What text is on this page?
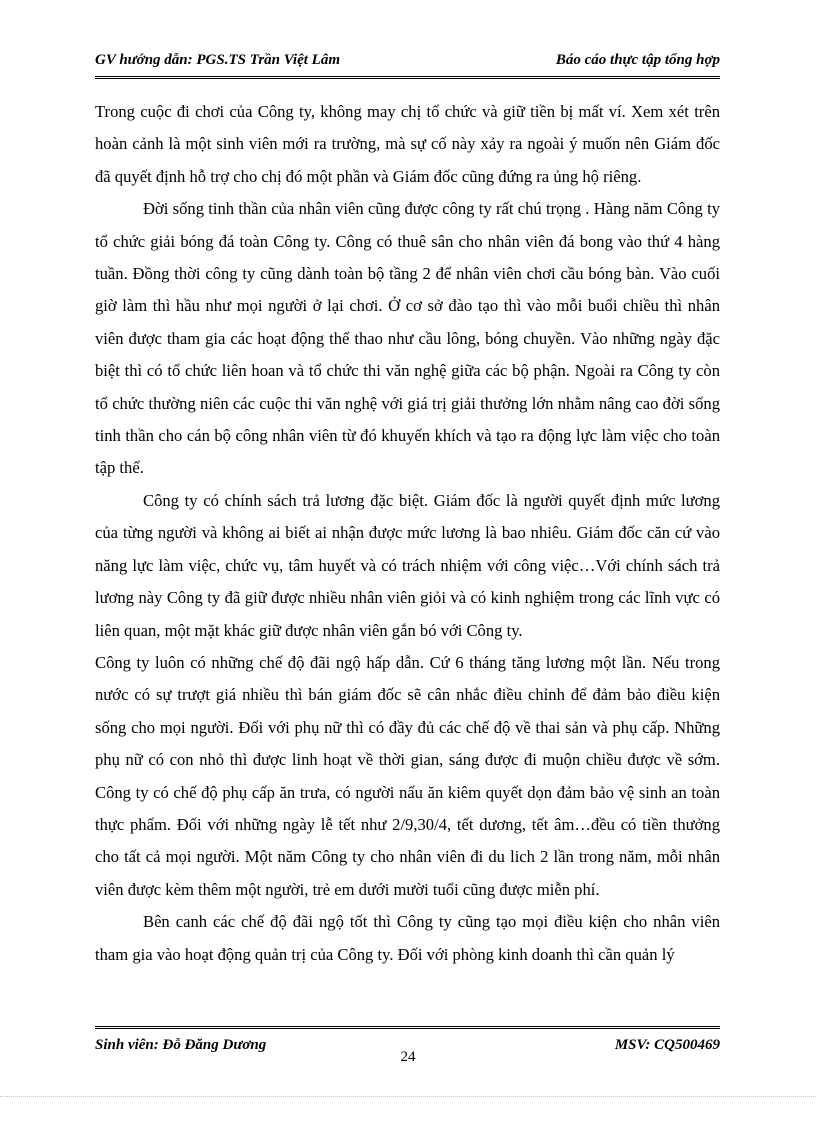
GV hướng dẫn: PGS.TS Trần Việt Lâm	Báo cáo thực tập tổng hợp

Trong cuộc đi chơi của Công ty, không may chị tổ chức và giữ tiền bị mất ví. Xem xét trên hoàn cảnh là một sinh viên mới ra trường, mà sự cố này xảy ra ngoài ý muốn nên Giám đốc đã quyết định hỗ trợ cho chị đó một phần và Giám đốc cũng đứng ra ủng hộ riêng.

Đời sống tinh thần của nhân viên cũng được công ty rất chú trọng . Hàng năm Công ty tổ chức giải bóng đá toàn Công ty. Công có thuê sân cho nhân viên đá bong vào thứ 4 hàng tuần. Đồng thời công ty cũng dành toàn bộ tầng 2 để nhân viên chơi cầu bóng bàn. Vào cuối giờ làm thì hầu như mọi người ở lại chơi. Ở cơ sở đào tạo thì vào mỗi buổi chiều thì nhân viên được tham gia các hoạt động thể thao như cầu lông, bóng chuyền. Vào những ngày đặc biệt thì có tổ chức liên hoan và tổ chức thi văn nghệ giữa các bộ phận. Ngoài ra Công ty còn tổ chức thường niên các cuộc thi văn nghệ với giá trị giải thưởng lớn nhằm nâng cao đời sống tinh thần cho cán bộ công nhân viên từ đó khuyến khích và tạo ra động lực làm việc cho toàn tập thể.

Công ty có chính sách trả lương đặc biệt. Giám đốc là người quyết định mức lương của từng người và không ai biết ai nhận được mức lương là bao nhiêu. Giám đốc căn cứ vào năng lực làm việc, chức vụ, tâm huyết và có trách nhiệm với công việc…Với chính sách trả lương này Công ty đã giữ được nhiều nhân viên giỏi và có kinh nghiệm trong các lĩnh vực có liên quan, một mặt khác giữ được nhân viên gắn bó với Công ty.

Công ty luôn có những chế độ đãi ngộ hấp dẫn. Cứ 6 tháng tăng lương một lần. Nếu trong nước có sự trượt giá nhiều thì bán giám đốc sẽ cân nhắc điều chỉnh để đảm bảo điều kiện sống cho mọi người. Đối với phụ nữ thì có đầy đủ các chế độ về thai sản và phụ cấp. Những phụ nữ có con nhỏ thì được linh hoạt về thời gian, sáng được đi muộn chiều được về sớm. Công ty có chế độ phụ cấp ăn trưa, có người nấu ăn kiêm quyết dọn đảm bảo vệ sinh an toàn thực phẩm. Đối với những ngày lễ tết như 2/9,30/4, tết dương, tết âm…đều có tiền thưởng cho tất cả mọi người. Một năm Công ty cho nhân viên đi du lich 2 lần trong năm, mỗi nhân viên được kèm thêm một người, trẻ em dưới mười tuổi cũng được miễn phí.

Bên canh các chế độ đãi ngộ tốt thì Công ty cũng tạo mọi điều kiện cho nhân viên tham gia vào hoạt động quản trị của Công ty. Đối với phòng kinh doanh thì cần quản lý

Sinh viên: Đỗ Đăng Dương	MSV: CQ500469
24
